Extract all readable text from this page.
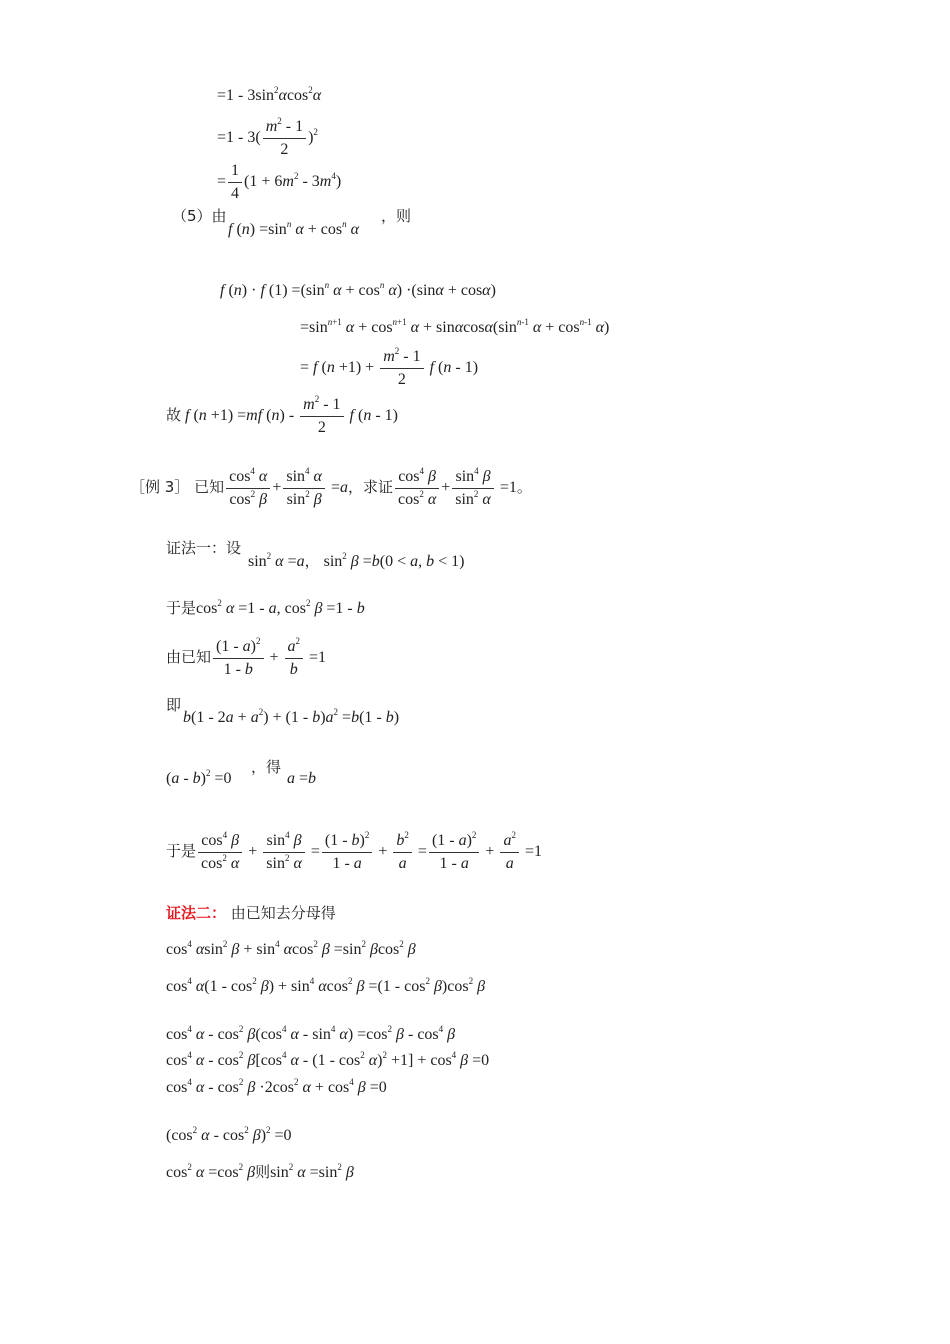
$=1 - 3\sin^2\alpha\cos^2\alpha$
$=1 - 3( \frac{m^2 - 1}{2} )^2$
= $\frac{1}{4} (1 + 6m^2 - 3m^4)$
（5）由
f $(n) =\sin^n$ $\alpha + \cos^n \alpha$
，则
f (n) · f $(1) =(\sin^n$ $\alpha + \cos^n \alpha) \cdot(\sin\alpha + \cos\alpha)$
$=\sin^{n+1}$ $\alpha + \cos^{n+1} \alpha + \sin\alpha\cos\alpha(\sin^{n-1}$ $\alpha + \cos^{n-1} \alpha$)
= f $(n +1) + \frac{m^2 - 1}{2}$ f (n - 1)
故 f (n +1) =mf $(n) - \frac{m^2 - 1}{2}$ f (n - 1)
［例 3］ 已知 $\frac{\cos^4 \alpha}{\cos^2 \beta} + \frac{\sin^4 \alpha}{\sin^2 \beta} =a$，求证 $\frac{\cos^4 \beta}{\cos^2 \alpha} + \frac{\sin^4 \beta}{\sin^2 \alpha} =1$。
证法一：设
$\sin^2 \alpha =a$， $\sin^2 \beta =b(0 < a$, b < 1)
于是$\cos^2 \alpha =1 - a$, $\cos^2 \beta =1 - b$
由已知 $\frac{(1 - a)^2}{1 - b} + \frac{a^2}{b} =1$
即
$b(1 - 2a + a^2) + (1 - b)a^2 =b(1 - b)$
(a - b)$^2$ =0
，得
a =b
于是 $\frac{\cos^4 \beta}{\cos^2 \alpha} + \frac{\sin^4 \beta}{\sin^2 \alpha} = \frac{(1 - b)^2}{1 - a} + \frac{b^2}{a} = \frac{(1 - a)^2}{1 - a} + \frac{a^2}{a} =1$
证法二： 由已知去分母得
$\cos^4 \alpha\sin^2$ $\beta + \sin^4 \alpha\cos^2$ $\beta =\sin^2$ βcos$^2$ β
$\cos^4 \alpha(1 - \cos^2 \beta) + \sin^4 \alpha\cos^2$ $\beta =(1 - \cos^2 \beta)\cos^2$ β
$\cos^4 \alpha - \cos^2 \beta(\cos^4$ $\alpha - \sin^4 \alpha) =\cos^2$ β - $\cos^4 \beta$
$\cos^4 \alpha - \cos^2 \beta[\cos^4$ $\alpha - (1 - \cos^2 \alpha)^2 +1] + \cos^4 \beta =0$
$\cos^4 \alpha - \cos^2 \beta \cdot 2\cos^2$ $\alpha + \cos^4 \beta =0$
($\cos^2$ $\alpha - \cos^2 \beta)^2 =0$
$\cos^2 \alpha =\cos^2$ β则$\sin^2 \alpha =\sin^2$ β
